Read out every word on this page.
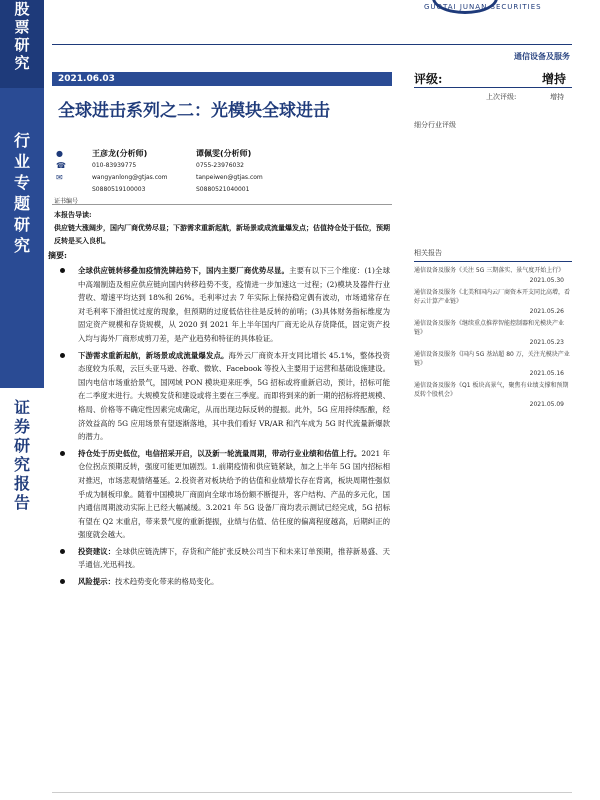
股
票
研
究
行
业
专
题
研
究
证
券
研
究
报
告
GUOTAI JUNAN SECURITIES
通信设备及服务
2021.06.03
全球进击系列之二：光模块全球进击
评级:	增持
上次评级:	增持
细分行业评级
●
☎
✉
王彦龙(分析师)
010-83939775
wangyanlong@gtjas.com
S0880519100003
谭佩雯(分析师)
0755-23976032
tanpeiwen@gtjas.com
S0880521040001
证书编号
本报告导读:
供应链大涨阔步，国内厂商优势尽显；下游需求重新起航，新场景或成流量爆发点；估值持仓处于低位，预期反转是买入良机。
摘要:
全球供应链转移叠加疫情洗牌趋势下，国内主要厂商优势尽显。主要有以下三个维度：(1)全球中高端制造及相应供应链向国内转移趋势不变，疫情进一步加速这一过程；(2)模块及器件行业营收、增速平均达到 18%和 26%。毛利率过去 7 年实际上保持稳定偶有波动，市场通常存在对毛利率下滑担忧过度的现象，但预期的过度低估往往是反转的前哨；(3)具体财务指标维度为固定资产规模和存货规模，从 2020 到 2021 年上半年国内厂商无论从存货降低，固定资产投入均与海外厂商形成剪刀差，是产业趋势和特征的具体验证。
下游需求重新起航，新场景或成流量爆发点。海外云厂商资本开支同比增长 45.1%，整体投资态度较为乐观，云巨头亚马逊、谷歌、微软、Facebook 等投入主要用于运营和基础设施建设。国内电信市场重拾景气，国网域 PON 模块迎来旺季，5G 招标或将重新启动，预计，招标可能在二季度末进行。大规模发货和建设或将主要在三季度。而即将到来的新一期的招标将把规模、格局、价格等不确定性因素完成确定，从而出现边际反转的提振。此外，5G 应用持续酝酿，经济效益高的 5G 应用场景有望逐渐落地，其中我们看好 VR/AR 和汽车成为 5G 时代流量新爆款的潜力。
持仓处于历史低位，电信招采开启，以及新一轮流量周期，带动行业业绩和估值上行。2021 年仓位拐点预期反转，强度可能更加剧烈。1.前期疫情和供应链紧缺，加之上半年 5G 国内招标相对推迟，市场悲观情绪蔓延。2.投资者对板块给予的估值和业绩增长存在背离，板块周期性强似乎成为制板印象。随着中国模块厂商面向全球市场份额不断提升，客户结构、产品的多元化，国内通信周期波动实际上已经大幅减缓。3.2021 年 5G 设备厂商均表示测试已经完成，5G 招标有望在 Q2 末重启，带来景气度的重新提振，业绩与估值、估任度的偏离程度越高，后期纠正的强度就会越大。
投资建议：全球供应链洗牌下，存货和产能扩张反映公司当下和未来订单预期，推荐新易盛、天孚通信,光迅科技。
风险提示：技术趋势变化带来的格局变化。
相关报告
通信设备及服务《关注 5G 三期落实、景气度开始上行》
2021.05.30
通信设备及服务《北美和国内云厂商资本开支同比高增，看好云计算产业链》
2021.05.26
通信设备及服务《继续重点推荐智能控制器和光模块产业链》
2021.05.23
通信设备及服务《国内 5G 基站超 80 万，关注光模块产业链》
2021.05.16
通信设备及服务《Q1 板块高景气，聚焦有业绩支撑和预期反转个股机会》
2021.05.09
